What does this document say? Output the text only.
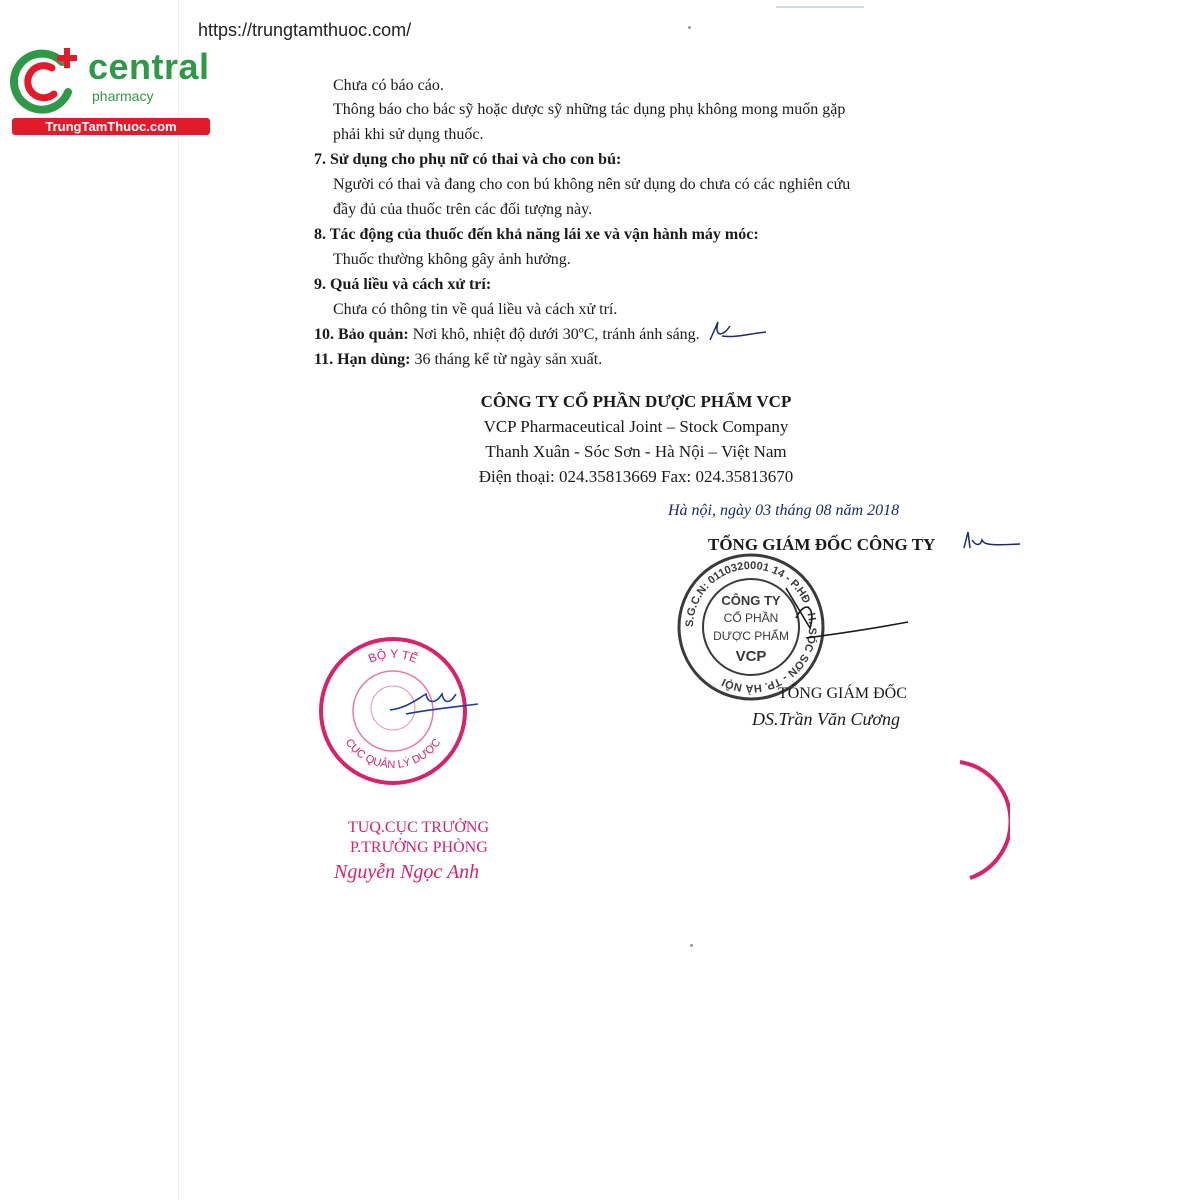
https://trungtamthuoc.com/
central
pharmacy
TrungTamThuoc.com
Chưa có báo cáo.
Thông báo cho bác sỹ hoặc dược sỹ những tác dụng phụ không mong muốn gặp
phải khi sử dụng thuốc.
7. Sử dụng cho phụ nữ có thai và cho con bú:
Người có thai và đang cho con bú không nên sử dụng do chưa có các nghiên cứu
đầy đủ của thuốc trên các đối tượng này.
8. Tác động của thuốc đến khả năng lái xe và vận hành máy móc:
Thuốc thường không gây ảnh hưởng.
9. Quá liều và cách xử trí:
Chưa có thông tin về quá liều và cách xử trí.
10. Bảo quản: Nơi khô, nhiệt độ dưới 30ºC, tránh ánh sáng.
11. Hạn dùng: 36 tháng kể từ ngày sản xuất.
CÔNG TY CỔ PHẦN DƯỢC PHẨM VCP
VCP Pharmaceutical Joint – Stock Company
Thanh Xuân - Sóc Sơn - Hà Nội – Việt Nam
Điện thoại: 024.35813669 Fax: 024.35813670
Hà nội, ngày 03 tháng 08 năm 2018
TỔNG GIÁM ĐỐC CÔNG TY
S.G.C.N: 0110320001 14 - P.HĐ - H. SÓC SƠN - TP. HÀ NỘI
CÔNG TY
CỔ PHẦN
DƯỢC PHẨM
VCP
TỔNG GIÁM ĐỐC
DS.Trần Văn Cương
BỘ Y TẾ
CỤC QUẢN LÝ DƯỢC
TUQ.CỤC TRƯỞNG
P.TRƯỞNG PHÒNG
Nguyễn Ngọc Anh
